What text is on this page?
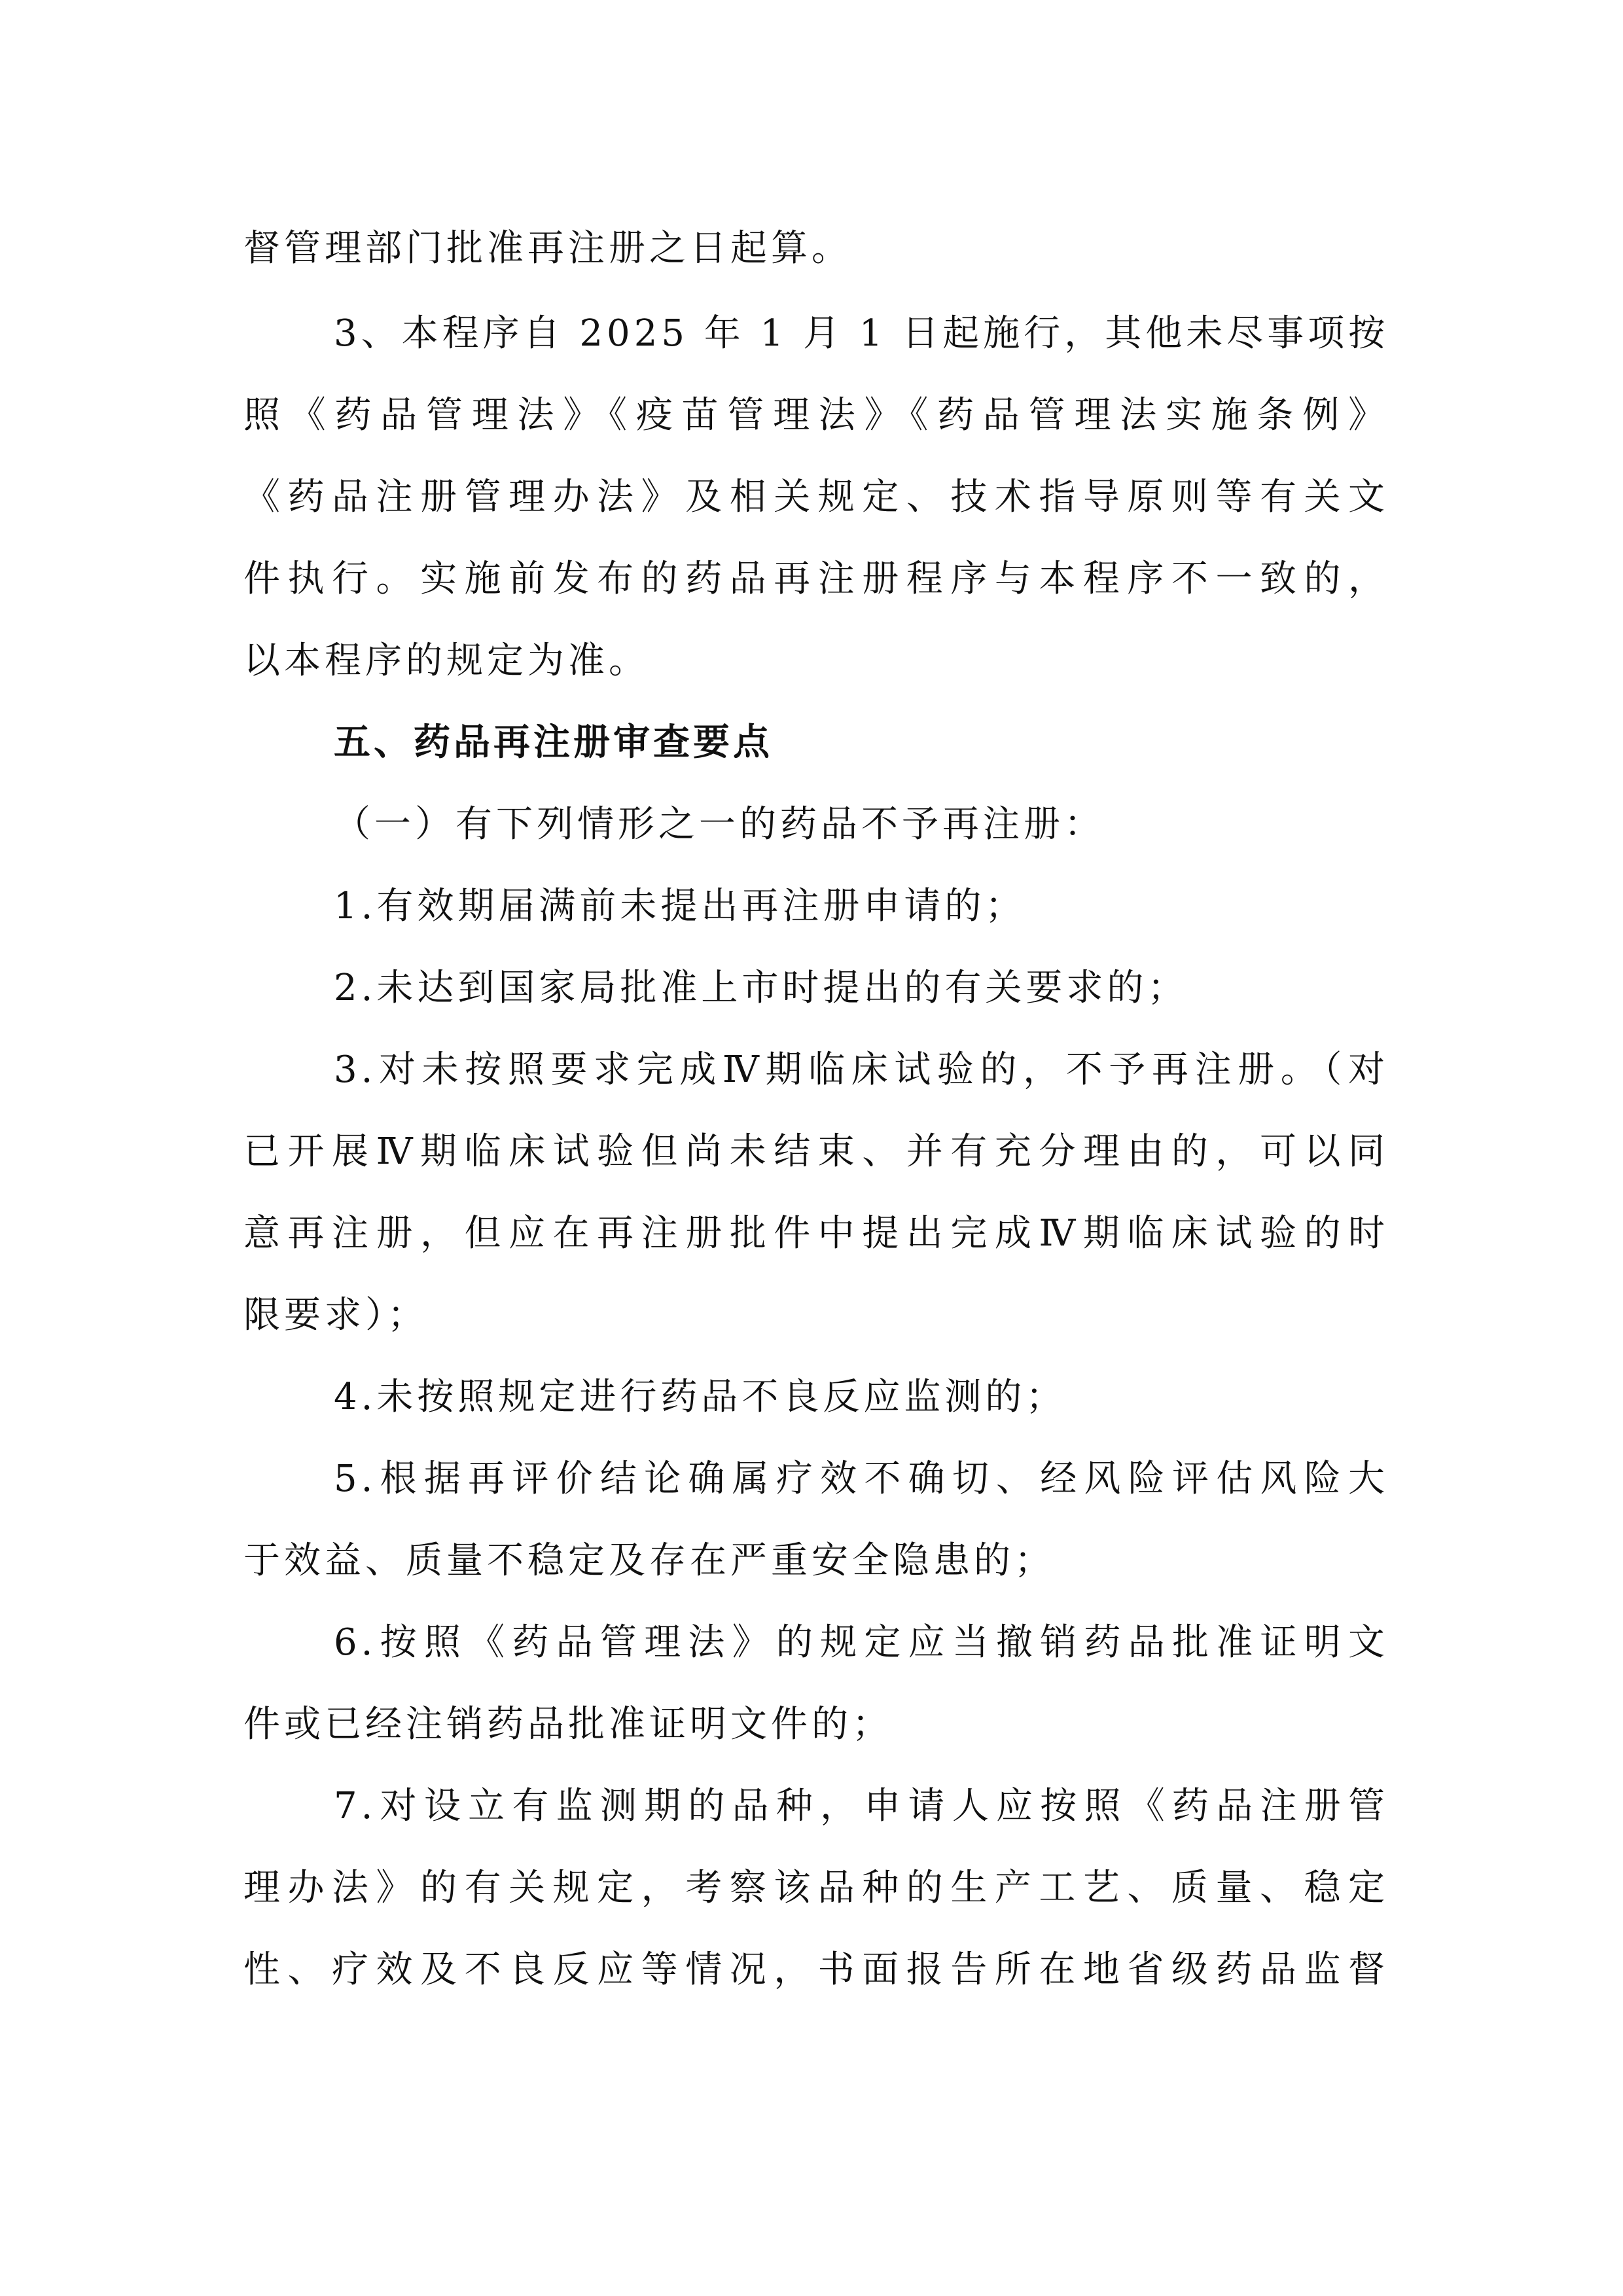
督管理部门批准再注册之日起算。
3、本程序自 2025 年 1 月 1 日起施行，其他未尽事项按
照《药品管理法》《疫苗管理法》《药品管理法实施条例》
《药品注册管理办法》及相关规定、技术指导原则等有关文
件执行。实施前发布的药品再注册程序与本程序不一致的，
以本程序的规定为准。
五、药品再注册审查要点
（一）有下列情形之一的药品不予再注册：
1.有效期届满前未提出再注册申请的；
2.未达到国家局批准上市时提出的有关要求的；
3.对未按照要求完成Ⅳ期临床试验的，不予再注册。（对
已开展Ⅳ期临床试验但尚未结束、并有充分理由的，可以同
意再注册，但应在再注册批件中提出完成Ⅳ期临床试验的时
限要求）；
4.未按照规定进行药品不良反应监测的；
5.根据再评价结论确属疗效不确切、经风险评估风险大
于效益、质量不稳定及存在严重安全隐患的；
6.按照《药品管理法》的规定应当撤销药品批准证明文
件或已经注销药品批准证明文件的；
7.对设立有监测期的品种，申请人应按照《药品注册管
理办法》的有关规定，考察该品种的生产工艺、质量、稳定
性、疗效及不良反应等情况，书面报告所在地省级药品监督
